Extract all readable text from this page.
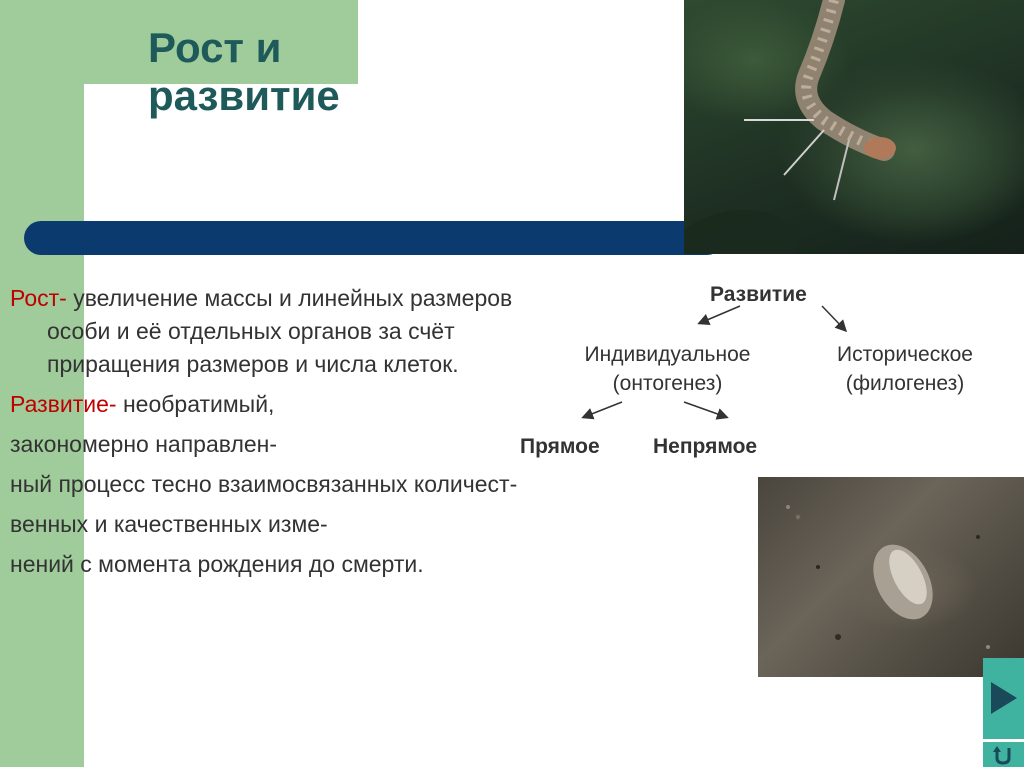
Рост и
развитие

Рост- увеличение массы и линейных размеров особи и её отдельных органов за счёт приращения размеров и числа клеток.

Развитие- необратимый,

закономерно направлен-

ный процесс тесно взаимосвязанных количест-

венных и качественных изме-

нений с момента рождения до смерти.

Развитие
Индивидуальное
(онтогенез)
Историческое
(филогенез)
Прямое	Непрямое
